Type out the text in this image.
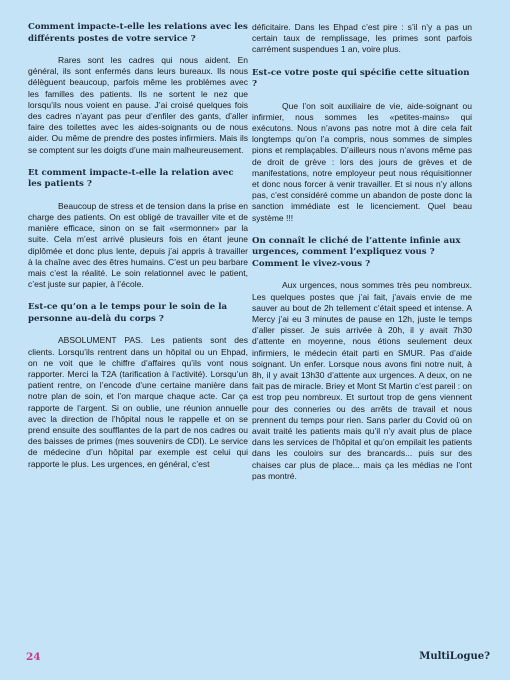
Comment impacte-t-elle les relations avec les différents postes de votre service ?

Rares sont les cadres qui nous aident. En général, ils sont enfermés dans leurs bureaux. Ils nous délèguent beaucoup, parfois même les problèmes avec les familles des patients. Ils ne sortent le nez que lorsqu’ils nous voient en pause. J’ai croisé quelques fois des cadres n’ayant pas peur d’enfiler des gants, d’aller faire des toilettes avec les aides-soignants ou de nous aider. Ou même de prendre des postes infirmiers. Mais ils se comptent sur les doigts d’une main malheureusement.

Et comment impacte-t-elle la relation avec les patients ?

Beaucoup de stress et de tension dans la prise en charge des patients. On est obligé de travailler vite et de manière efficace, sinon on se fait «sermonner» par la suite. Cela m’est arrivé plusieurs fois en étant jeune diplômée et donc plus lente, depuis j’ai appris à travailler à la chaîne avec des êtres humains. C’est un peu barbare mais c’est la réalité. Le soin relationnel avec le patient, c’est juste sur papier, à l’école.

Est-ce qu’on a le temps pour le soin de la personne au-delà du corps ?

ABSOLUMENT PAS. Les patients sont des clients. Lorsqu’ils rentrent dans un hôpital ou un Ehpad, on ne voit que le chiffre d’affaires qu’ils vont nous rapporter. Merci la T2A (tarification à l’activité). Lorsqu’un patient rentre, on l’encode d’une certaine manière dans notre plan de soin, et l’on marque chaque acte. Car ça rapporte de l’argent. Si on oublie, une réunion annuelle avec la direction de l’hôpital nous le rappelle et on se prend ensuite des soufflantes de la part de nos cadres ou des baisses de primes (mes souvenirs de CDI). Le service de médecine d’un hôpital par exemple est celui qui rapporte le plus. Les urgences, en général, c’est

déficitaire. Dans les Ehpad c’est pire : s’il n’y a pas un certain taux de remplissage, les primes sont parfois carrément suspendues 1 an, voire plus.

Est-ce votre poste qui spécifie cette situation ?

Que l’on soit auxiliaire de vie, aide-soignant ou infirmier, nous sommes les «petites-mains» qui exécutons. Nous n’avons pas notre mot à dire cela fait longtemps qu’on l’a compris, nous sommes de simples pions et remplaçables. D’ailleurs nous n’avons même pas de droit de grève : lors des jours de grèves et de manifestations, notre employeur peut nous réquisitionner et donc nous forcer à venir travailler. Et si nous n’y allons pas, c’est considéré comme un abandon de poste donc la sanction immédiate est le licenciement. Quel beau système !!!

On connaît le cliché de l’attente infinie aux urgences, comment l’expliquez vous ? Comment le vivez-vous ?

Aux urgences, nous sommes très peu nombreux. Les quelques postes que j’ai fait, j’avais envie de me sauver au bout de 2h tellement c’était speed et intense. A Mercy j’ai eu 3 minutes de pause en 12h, juste le temps d’aller pisser. Je suis arrivée à 20h, il y avait 7h30 d’attente en moyenne, nous étions seulement deux infirmiers, le médecin était parti en SMUR. Pas d’aide soignant. Un enfer. Lorsque nous avons fini notre nuit, à 8h, il y avait 13h30 d’attente aux urgences. A deux, on ne fait pas de miracle. Briey et Mont St Martin c’est pareil : on est trop peu nombreux. Et surtout trop de gens viennent pour des conneries ou des arrêts de travail et nous prennent du temps pour rien. Sans parler du Covid où on avait traité les patients mais qu’il n’y avait plus de place dans les services de l’hôpital et qu’on empilait les patients dans les couloirs sur des brancards... puis sur des chaises car plus de place... mais ça les médias ne l’ont pas montré.

24	MultiLogue?
